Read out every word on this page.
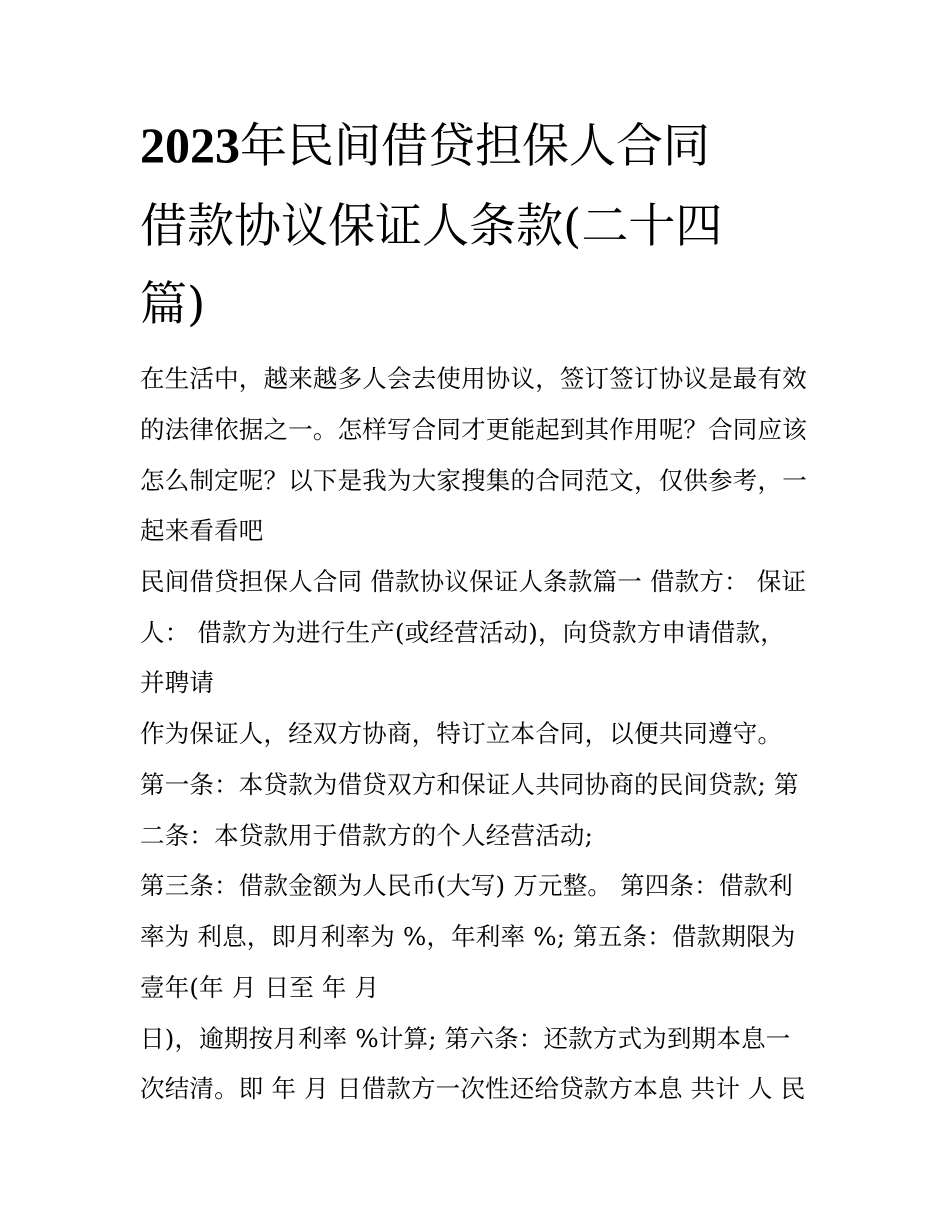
2023年民间借贷担保人合同
借款协议保证人条款(二十四
篇)

在生活中，越来越多人会去使用协议，签订签订协议是最有效

的法律依据之一。怎样写合同才更能起到其作用呢？合同应该

怎么制定呢？以下是我为大家搜集的合同范文，仅供参考，一

起来看看吧

民间借贷担保人合同 借款协议保证人条款篇一 借款方： 保证

人： 借款方为进行生产(或经营活动)，向贷款方申请借款，

并聘请

作为保证人，经双方协商，特订立本合同，以便共同遵守。

第一条：本贷款为借贷双方和保证人共同协商的民间贷款; 第

二条：本贷款用于借款方的个人经营活动;

第三条：借款金额为人民币(大写) 万元整。 第四条：借款利

率为 利息，即月利率为 %，年利率 %; 第五条：借款期限为

壹年(年 月 日至 年 月

日)，逾期按月利率 %计算; 第六条：还款方式为到期本息一

次结清。即 年 月 日借款方一次性还给贷款方本息 共计 人 民
